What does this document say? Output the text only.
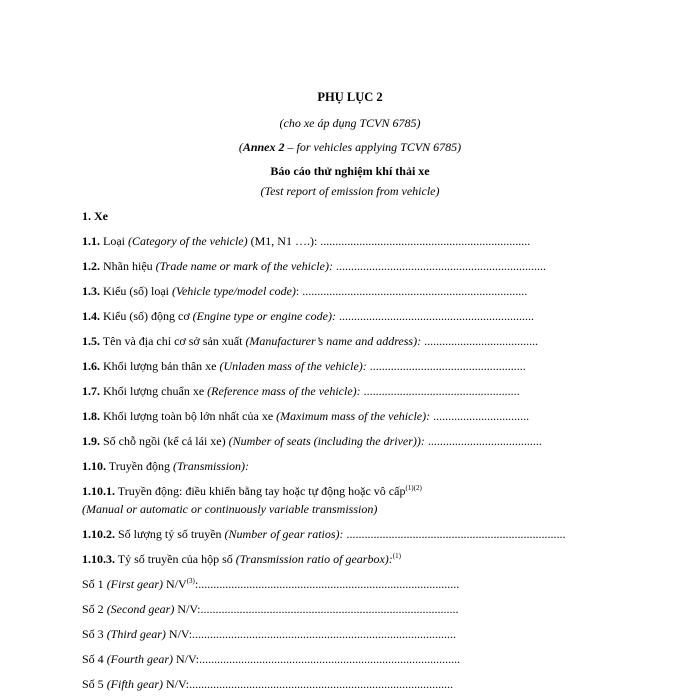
PHỤ LỤC 2
(cho xe áp dụng TCVN 6785)
(Annex 2 – for vehicles applying TCVN 6785)
Báo cáo thử nghiệm khí thải xe
(Test report of emission from vehicle)
1. Xe
1.1. Loại (Category of the vehicle) (M1, N1 ….): ......................................................................
1.2. Nhãn hiệu (Trade name or mark of the vehicle): ......................................................................
1.3. Kiểu (số) loại (Vehicle type/model code): ...........................................................................
1.4. Kiểu (số) động cơ (Engine type or engine code): .................................................................
1.5. Tên và địa chỉ cơ sở sản xuất (Manufacturer’s name and address): ......................................
1.6. Khối lượng bản thân xe (Unladen mass of the vehicle): ....................................................
1.7. Khối lượng chuẩn xe (Reference mass of the vehicle): ....................................................
1.8. Khối lượng toàn bộ lớn nhất của xe (Maximum mass of the vehicle): ................................
1.9. Số chỗ ngồi (kể cả lái xe) (Number of seats (including the driver)): ......................................
1.10. Truyền động (Transmission):
1.10.1. Truyền động: điều khiển bằng tay hoặc tự động hoặc vô cấp$^{(1)(2)}$
(Manual or automatic or continuously variable transmission)
1.10.2. Số lượng tỷ số truyền (Number of gear ratios): .........................................................................
1.10.3. Tỷ số truyền của hộp số (Transmission ratio of gearbox):$^{(1)}$
Số 1 (First gear) $N/V^{(3)}$:.......................................................................................
Số 2 (Second gear) N/V:......................................................................................
Số 3 (Third gear) N/V:........................................................................................
Số 4 (Fourth gear) N/V:.......................................................................................
Số 5 (Fifth gear) N/V:........................................................................................
